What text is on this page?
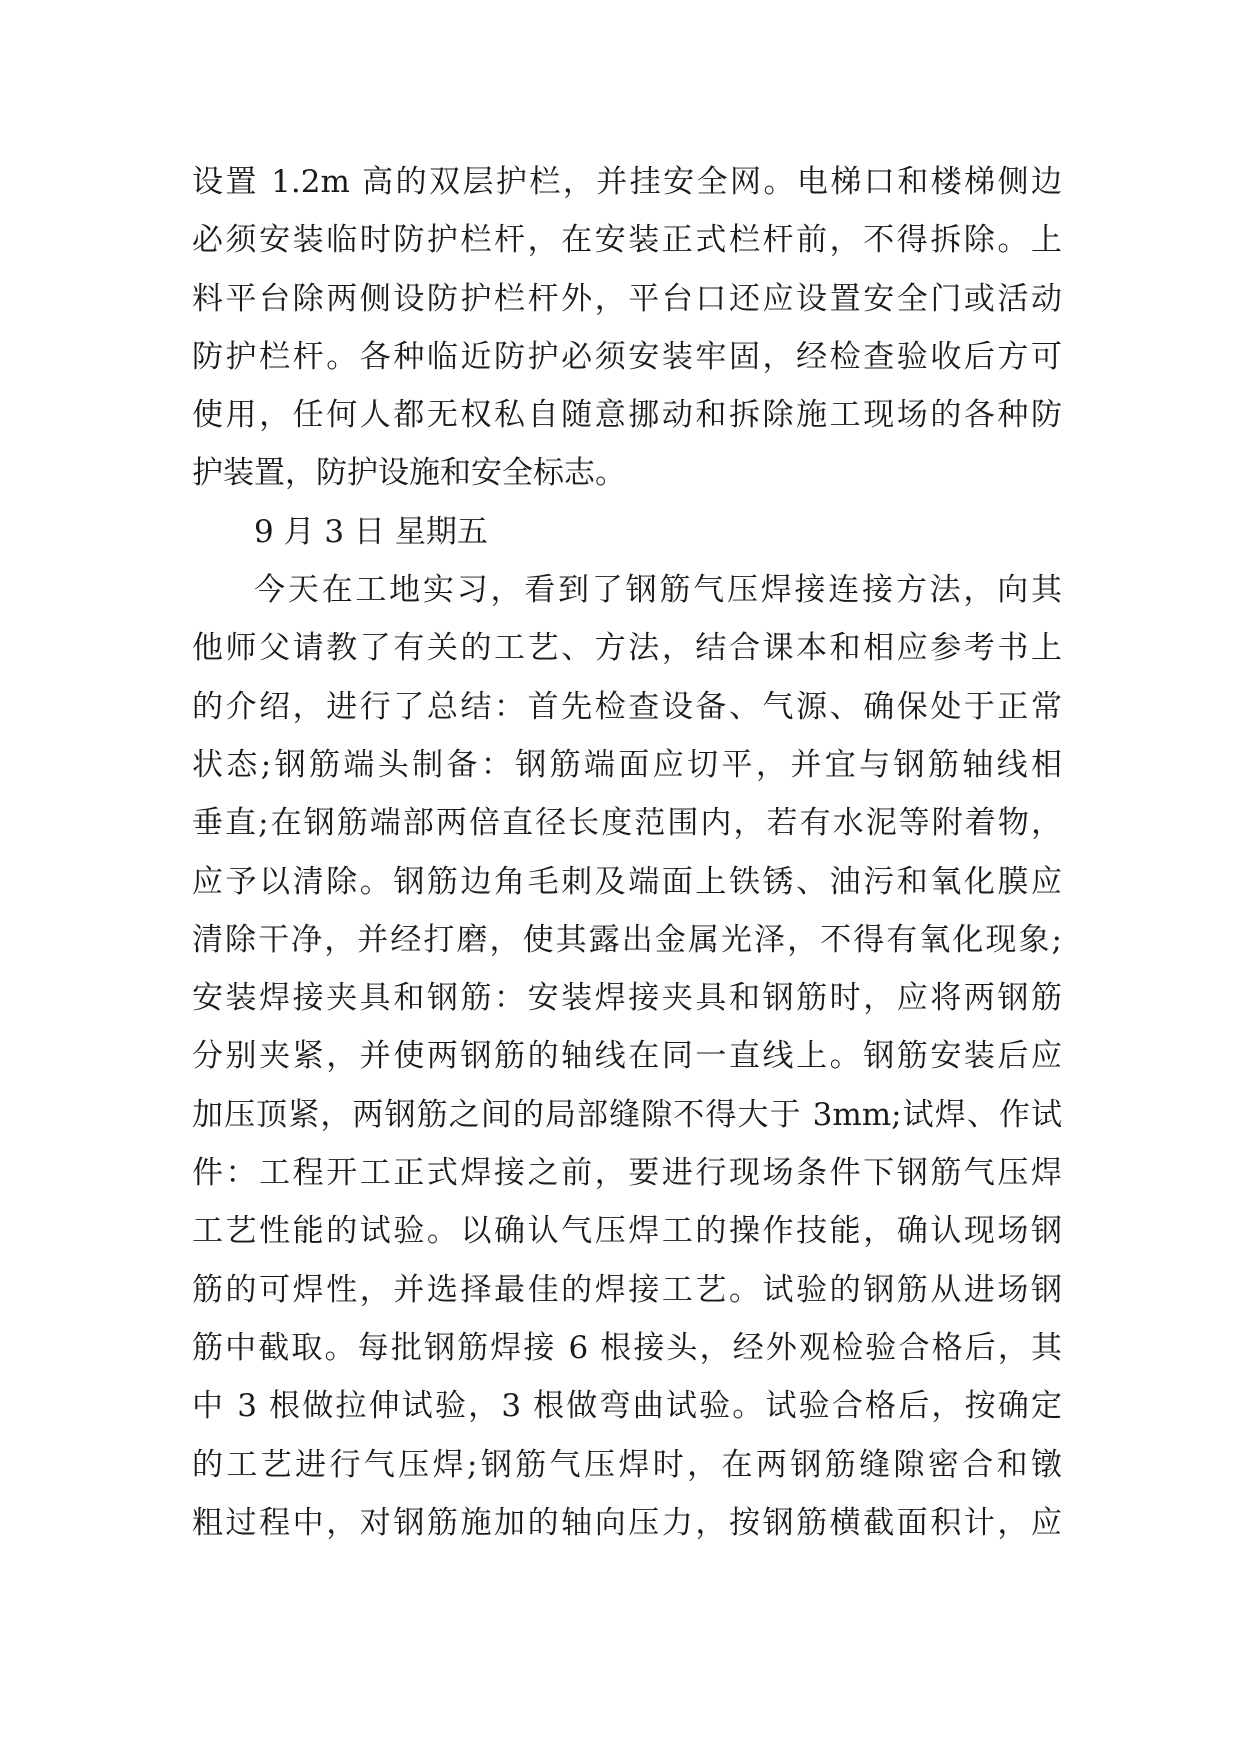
设置 1.2m 高的双层护栏，并挂安全网。电梯口和楼梯侧边
必须安装临时防护栏杆，在安装正式栏杆前，不得拆除。上
料平台除两侧设防护栏杆外，平台口还应设置安全门或活动
防护栏杆。各种临近防护必须安装牢固，经检查验收后方可
使用，任何人都无权私自随意挪动和拆除施工现场的各种防
护装置，防护设施和安全标志。
9 月 3 日 星期五
今天在工地实习，看到了钢筋气压焊接连接方法，向其
他师父请教了有关的工艺、方法，结合课本和相应参考书上
的介绍，进行了总结：首先检查设备、气源、确保处于正常
状态;钢筋端头制备：钢筋端面应切平，并宜与钢筋轴线相
垂直;在钢筋端部两倍直径长度范围内，若有水泥等附着物，
应予以清除。钢筋边角毛刺及端面上铁锈、油污和氧化膜应
清除干净，并经打磨，使其露出金属光泽，不得有氧化现象;
安装焊接夹具和钢筋：安装焊接夹具和钢筋时，应将两钢筋
分别夹紧，并使两钢筋的轴线在同一直线上。钢筋安装后应
加压顶紧，两钢筋之间的局部缝隙不得大于 3mm;试焊、作试
件：工程开工正式焊接之前，要进行现场条件下钢筋气压焊
工艺性能的试验。以确认气压焊工的操作技能，确认现场钢
筋的可焊性，并选择最佳的焊接工艺。试验的钢筋从进场钢
筋中截取。每批钢筋焊接 6 根接头，经外观检验合格后，其
中 3 根做拉伸试验，3 根做弯曲试验。试验合格后，按确定
的工艺进行气压焊;钢筋气压焊时，在两钢筋缝隙密合和镦
粗过程中，对钢筋施加的轴向压力，按钢筋横截面积计，应
